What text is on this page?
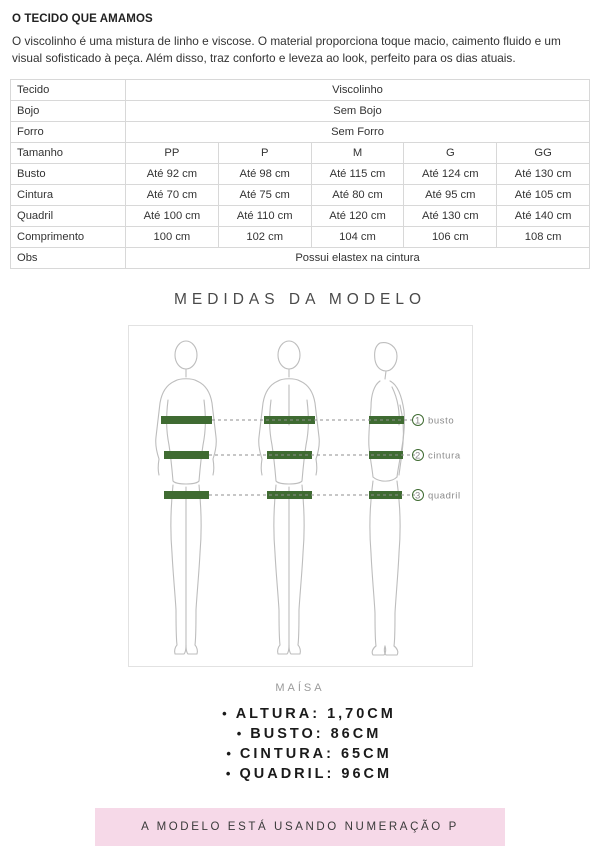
O TECIDO QUE AMAMOS

O viscolinho é uma mistura de linho e viscose. O material proporciona toque macio, caimento fluido e um visual sofisticado à peça. Além disso, traz conforto e leveza ao look, perfeito para os dias atuais.

Tecido	Viscolinho				
Bojo	Sem Bojo				
Forro	Sem Forro				
Tamanho	PP	P	M	G	GG
Busto	Até 92 cm	Até 98 cm	Até 115 cm	Até 124 cm	Até 130 cm
Cintura	Até 70 cm	Até 75 cm	Até 80 cm	Até 95 cm	Até 105 cm
Quadril	Até 100 cm	Até 110 cm	Até 120 cm	Até 130 cm	Até 140 cm
Comprimento	100 cm	102 cm	104 cm	106 cm	108 cm
Obs	Possui elastex na cintura				
MEDIDAS DA MODELO
1 busto
2 cintura
3 quadril
MAÍSA
• ALTURA: 1,70CM
• BUSTO: 86CM
• CINTURA: 65CM
• QUADRIL: 96CM
A MODELO ESTÁ USANDO NUMERAÇÃO P
